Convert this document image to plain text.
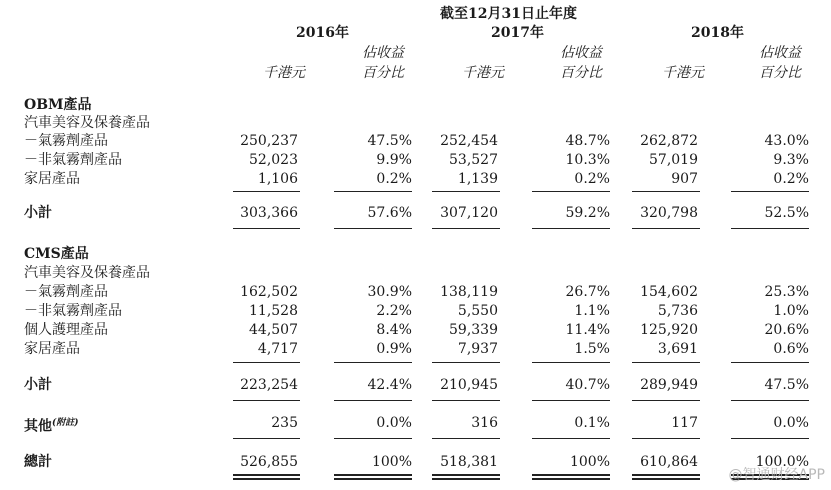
截至12月31日止年度
2016年	2017年	2018年
佔收益	佔收益	佔收益
千港元	百分比	千港元	百分比	千港元	百分比
OBM產品
汽車美容及保養產品
－氣霧劑產品	250,237	47.5% 252,454	48.7% 262,872	43.0%
－非氣霧劑產品	52,023	9.9%	53,527	10.3%	57,019	9.3%
家居產品	1,106	0.2%	1,139	0.2%	907	0.2%
小計	303,366	57.6% 307,120	59.2% 320,798	52.5%
CMS產品
汽車美容及保養產品
－氣霧劑產品	162,502	30.9% 138,119	26.7% 154,602	25.3%
－非氣霧劑產品	11,528	2.2%	5,550	1.1%	5,736	1.0%
個人護理產品	44,507	8.4%	59,339	11.4% 125,920	20.6%
家居產品	4,717	0.9%	7,937	1.5%	3,691	0.6%
小計	223,254	42.4% 210,945	40.7% 289,949	47.5%
其他$^{(附註)}$	235	0.0%	316	0.1%	117	0.0%
總計	526,855	100% 518,381	100% 610,864	100.0%
@智通财经APP
